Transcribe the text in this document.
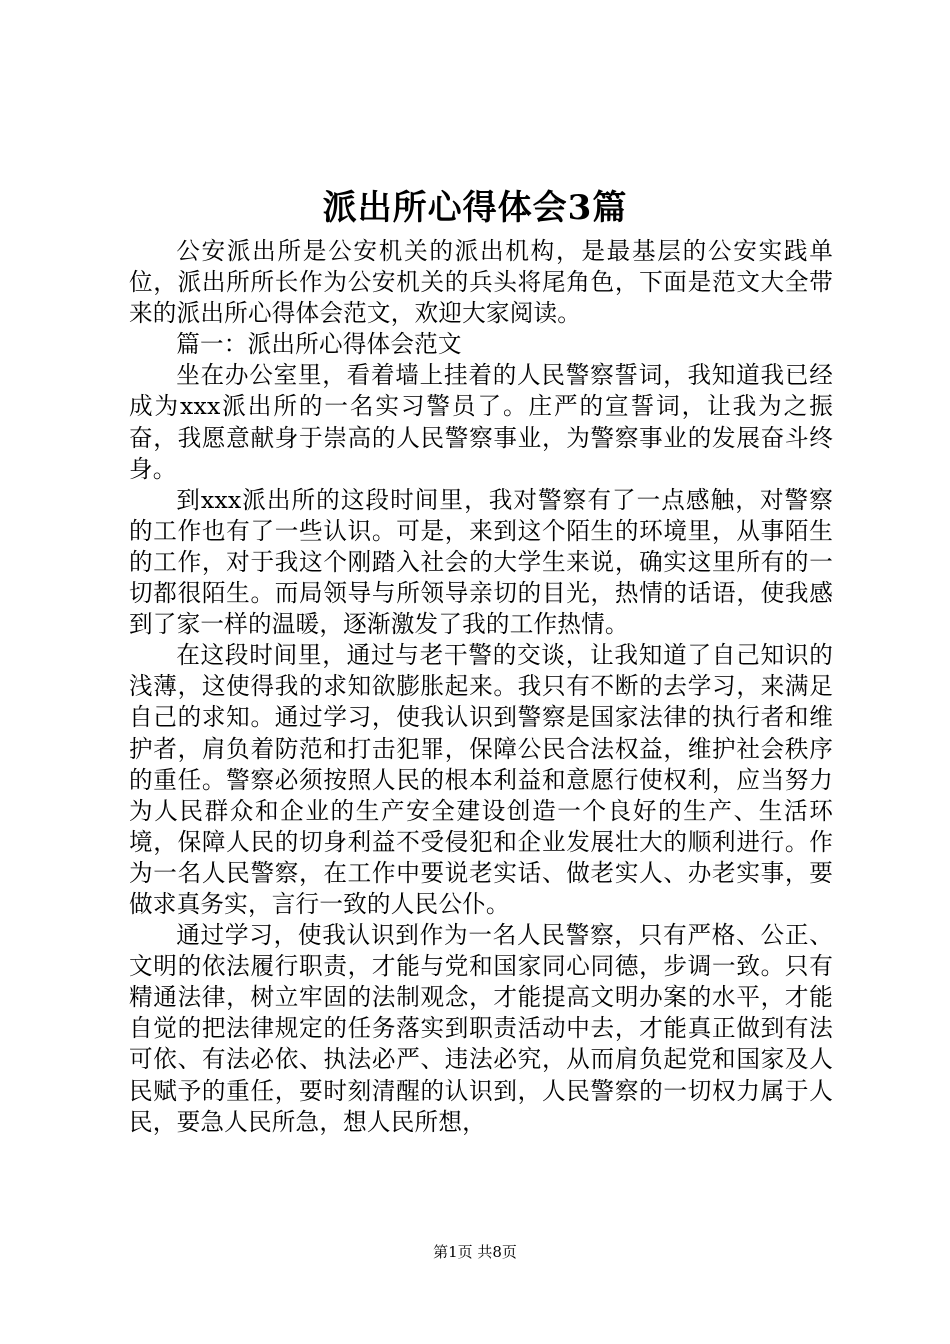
派出所心得体会3篇

公安派出所是公安机关的派出机构，是最基层的公安实践单位，派出所所长作为公安机关的兵头将尾角色，下面是范文大全带来的派出所心得体会范文，欢迎大家阅读。

篇一：派出所心得体会范文

坐在办公室里，看着墙上挂着的人民警察誓词，我知道我已经成为xxx派出所的一名实习警员了。庄严的宣誓词，让我为之振奋，我愿意献身于崇高的人民警察事业，为警察事业的发展奋斗终身。

到xxx派出所的这段时间里，我对警察有了一点感触，对警察的工作也有了一些认识。可是，来到这个陌生的环境里，从事陌生的工作，对于我这个刚踏入社会的大学生来说，确实这里所有的一切都很陌生。而局领导与所领导亲切的目光，热情的话语，使我感到了家一样的温暖，逐渐激发了我的工作热情。

在这段时间里，通过与老干警的交谈，让我知道了自己知识的浅薄，这使得我的求知欲膨胀起来。我只有不断的去学习，来满足自己的求知。通过学习，使我认识到警察是国家法律的执行者和维护者，肩负着防范和打击犯罪，保障公民合法权益，维护社会秩序的重任。警察必须按照人民的根本利益和意愿行使权利，应当努力为人民群众和企业的生产安全建设创造一个良好的生产、生活环境，保障人民的切身利益不受侵犯和企业发展壮大的顺利进行。作为一名人民警察，在工作中要说老实话、做老实人、办老实事，要做求真务实，言行一致的人民公仆。

通过学习，使我认识到作为一名人民警察，只有严格、公正、文明的依法履行职责，才能与党和国家同心同德，步调一致。只有精通法律，树立牢固的法制观念，才能提高文明办案的水平，才能自觉的把法律规定的任务落实到职责活动中去，才能真正做到有法可依、有法必依、执法必严、违法必究，从而肩负起党和国家及人民赋予的重任，要时刻清醒的认识到，人民警察的一切权力属于人民，要急人民所急，想人民所想，

第1页 共8页
